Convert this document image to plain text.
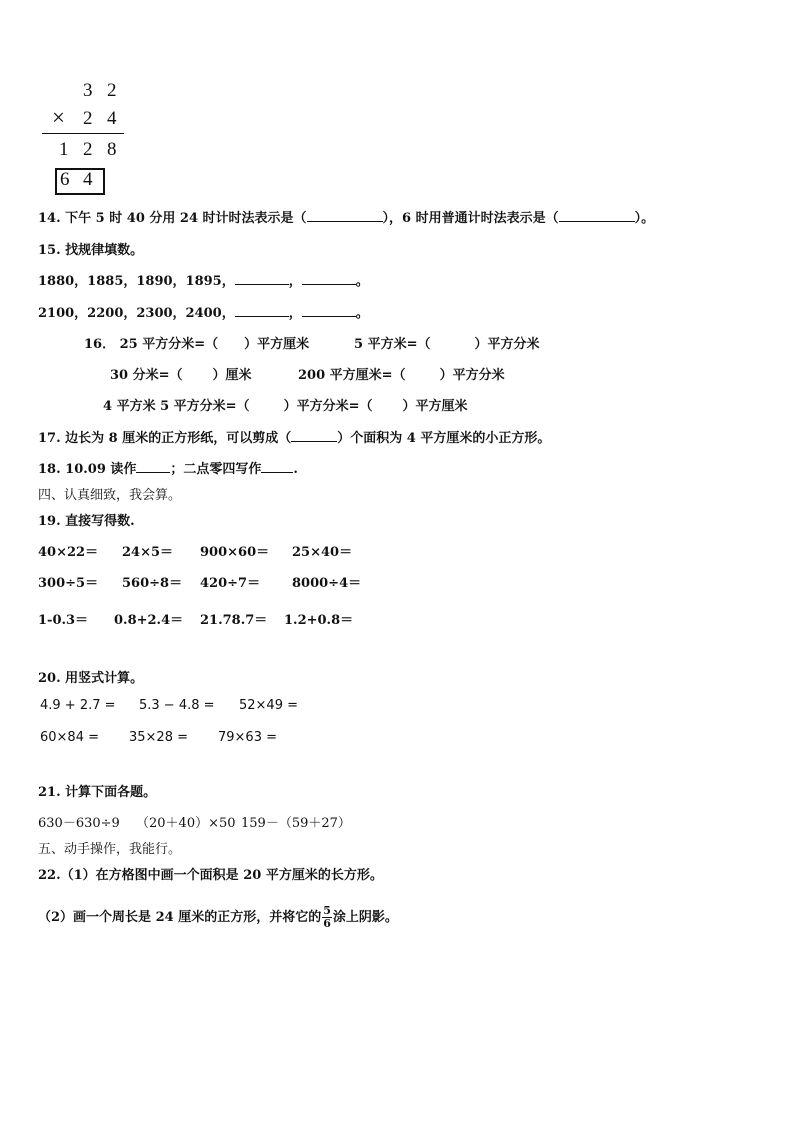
3 2
× 2 4
1 2 8
6 4
14. 下午 5 时 40 分用 24 时计时法表示是（	），6 时用普通计时法表示是（	）。
15. 找规律填数。
1880，1885，1890，1895，	，	。
2100，2200，2300，2400，	，	。
16． 25 平方分米=（ ）平方厘米	5 平方米=（	）平方分米
30 分米=（ ）厘米	200 平方厘米=（	）平方分米
4 平方米 5 平方分米=（	）平方分米=（ ）平方厘米
17. 边长为 8 厘米的正方形纸，可以剪成（	）个面积为 4 平方厘米的小正方形。
18. 10.09 读作	；二点零四写作 .
四、认真细致，我会算。
19. 直接写得数.
40×22＝ 24×5＝ 900×60＝ 25×40＝
300÷5＝ 560÷8＝ 420÷7＝ 8000÷4＝
1-0.3＝ 0.8+2.4＝ 21.78.7＝ 1.2+0.8＝
20. 用竖式计算。
4.9 + 2.7 = 5.3 − 4.8 = 52×49 =
60×84 = 35×28 = 79×63 =
21. 计算下面各题。
630－630÷9 （20＋40）×50 159－（59＋27）
五、动手操作，我能行。
22.（1）在方格图中画一个面积是 20 平方厘米的长方形。
（2）画一个周长是 24 厘米的正方形，并将它的 $\frac{5}{6}$ 涂上阴影。
